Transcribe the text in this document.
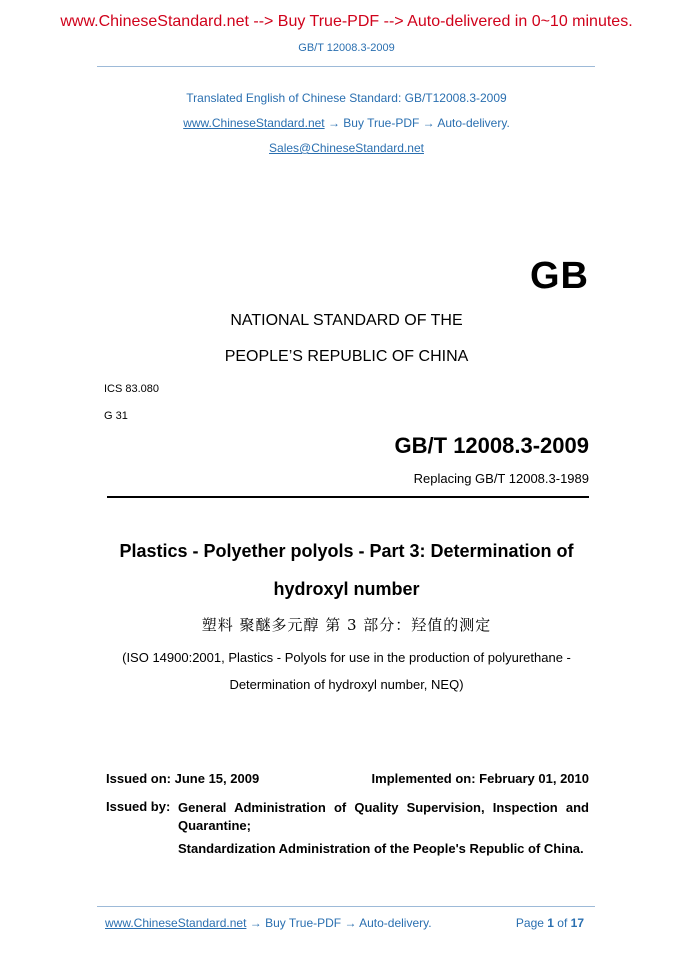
www.ChineseStandard.net --> Buy True-PDF --> Auto-delivered in 0~10 minutes.
GB/T 12008.3-2009
Translated English of Chinese Standard: GB/T12008.3-2009
www.ChineseStandard.net → Buy True-PDF → Auto-delivery.
Sales@ChineseStandard.net
GB
NATIONAL STANDARD OF THE
PEOPLE’S REPUBLIC OF CHINA
ICS 83.080
G 31
GB/T 12008.3-2009
Replacing GB/T 12008.3-1989
Plastics - Polyether polyols - Part 3: Determination of
hydroxyl number
塑料 聚醚多元醇 第 3 部分：羟值的测定
(ISO 14900:2001, Plastics - Polyols for use in the production of polyurethane -
Determination of hydroxyl number, NEQ)
Issued on: June 15, 2009	Implemented on: February 01, 2010
Issued by: General Administration of Quality Supervision, Inspection and Quarantine;
Standardization Administration of the People's Republic of China.
www.ChineseStandard.net → Buy True-PDF → Auto-delivery.	Page 1 of 17
